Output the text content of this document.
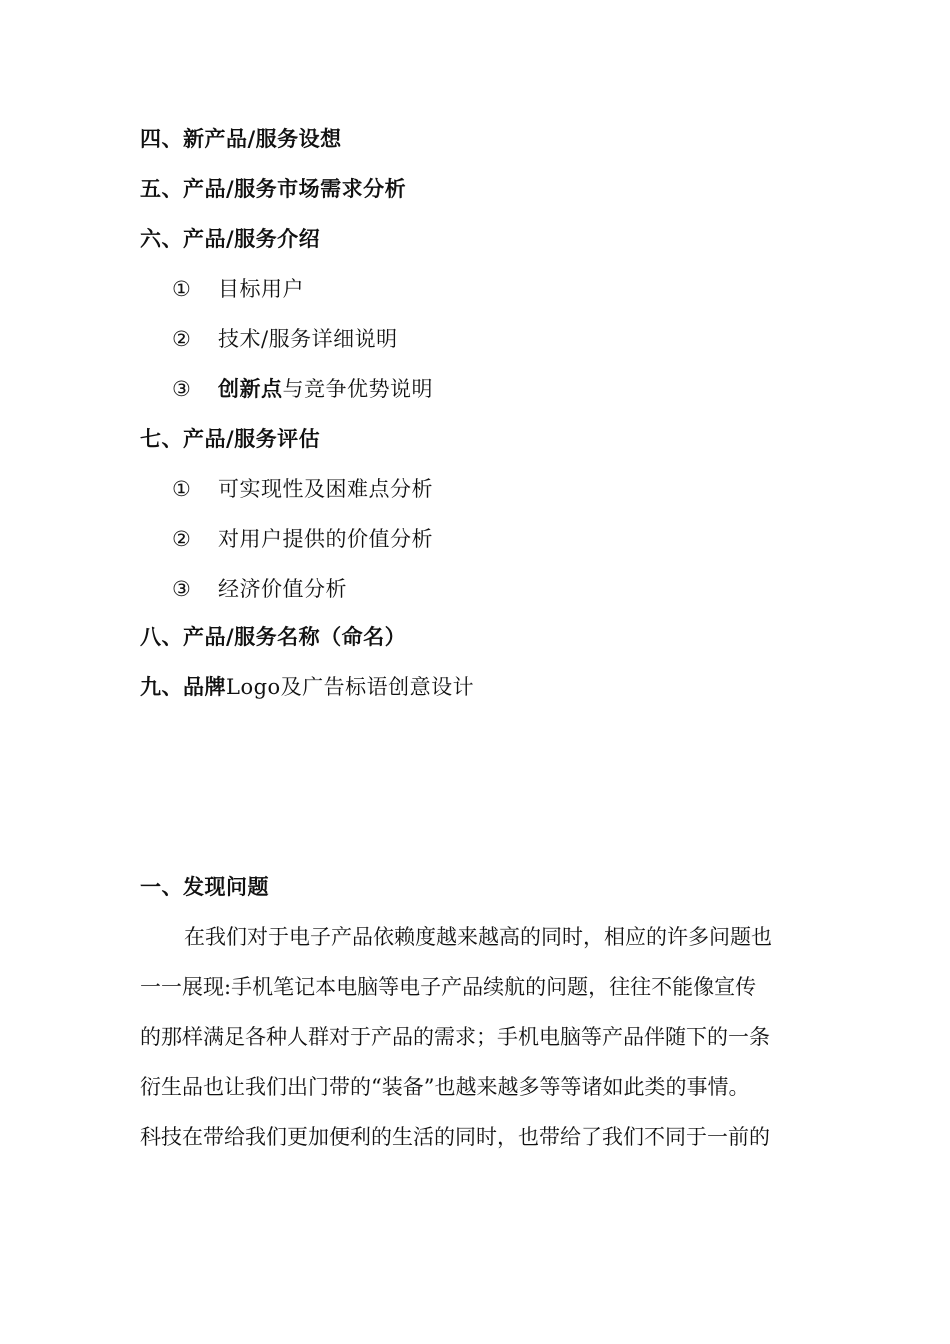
四、新产品/服务设想
五、产品/服务市场需求分析
六、产品/服务介绍
① 目标用户
② 技术/服务详细说明
③ 创新点与竞争优势说明
七、产品/服务评估
① 可实现性及困难点分析
② 对用户提供的价值分析
③ 经济价值分析
八、产品/服务名称（命名）
九、品牌Logo及广告标语创意设计
一、发现问题
在我们对于电子产品依赖度越来越高的同时，相应的许多问题也
一一展现:手机笔记本电脑等电子产品续航的问题，往往不能像宣传
的那样满足各种人群对于产品的需求；手机电脑等产品伴随下的一条
衍生品也让我们出门带的“装备”也越来越多等等诸如此类的事情。
科技在带给我们更加便利的生活的同时，也带给了我们不同于一前的
